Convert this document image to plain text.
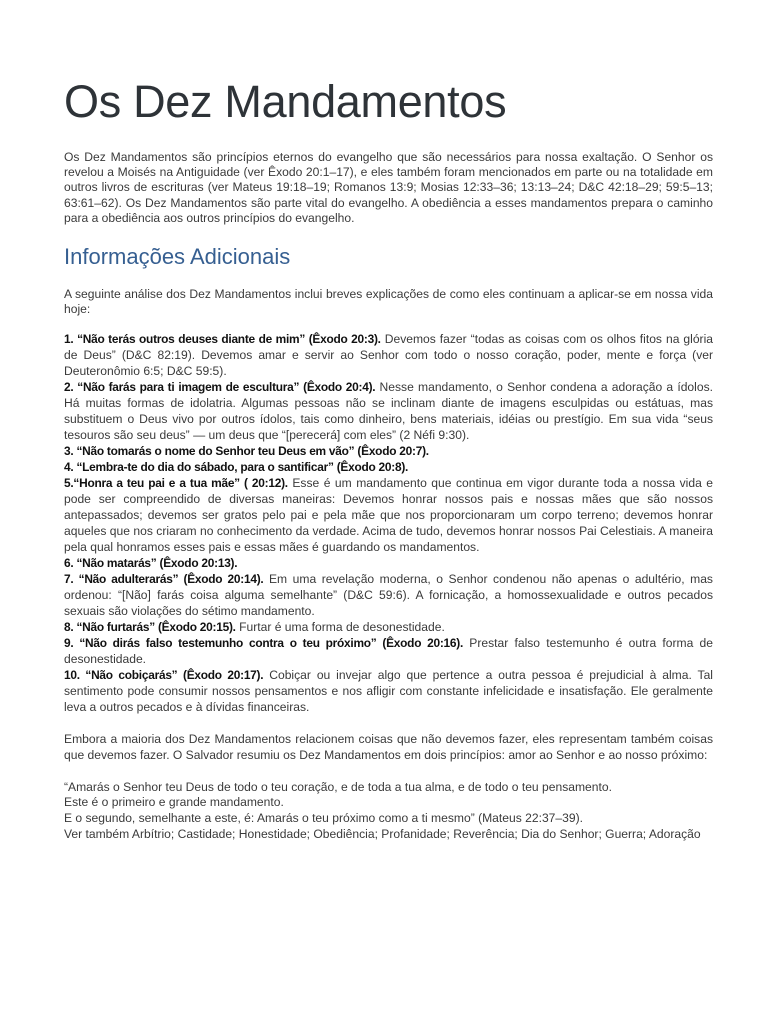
Os Dez Mandamentos

Os Dez Mandamentos são princípios eternos do evangelho que são necessários para nossa exaltação. O Senhor os revelou a Moisés na Antiguidade (ver Êxodo 20:1–17), e eles também foram mencionados em parte ou na totalidade em outros livros de escrituras (ver Mateus 19:18–19; Romanos 13:9; Mosias 12:33–36; 13:13–24; D&C 42:18–29; 59:5–13; 63:61–62). Os Dez Mandamentos são parte vital do evangelho. A obediência a esses mandamentos prepara o caminho para a obediência aos outros princípios do evangelho.

Informações Adicionais

A seguinte análise dos Dez Mandamentos inclui breves explicações de como eles continuam a aplicar-se em nossa vida hoje:

1. “Não terás outros deuses diante de mim” (Êxodo 20:3). Devemos fazer “todas as coisas com os olhos fitos na glória de Deus” (D&C 82:19). Devemos amar e servir ao Senhor com todo o nosso coração, poder, mente e força (ver Deuteronômio 6:5; D&C 59:5).

2. “Não farás para ti imagem de escultura” (Êxodo 20:4). Nesse mandamento, o Senhor condena a adoração a ídolos. Há muitas formas de idolatria. Algumas pessoas não se inclinam diante de imagens esculpidas ou estátuas, mas substituem o Deus vivo por outros ídolos, tais como dinheiro, bens materiais, idéias ou prestígio. Em sua vida “seus tesouros são seu deus” — um deus que “[perecerá] com eles” (2 Néfi 9:30).

3. “Não tomarás o nome do Senhor teu Deus em vão” (Êxodo 20:7).

4. “Lembra-te do dia do sábado, para o santificar” (Êxodo 20:8).

5.“Honra a teu pai e a tua mãe” ( 20:12). Esse é um mandamento que continua em vigor durante toda a nossa vida e pode ser compreendido de diversas maneiras: Devemos honrar nossos pais e nossas mães que são nossos antepassados; devemos ser gratos pelo pai e pela mãe que nos proporcionaram um corpo terreno; devemos honrar aqueles que nos criaram no conhecimento da verdade. Acima de tudo, devemos honrar nossos Pai Celestiais. A maneira pela qual honramos esses pais e essas mães é guardando os mandamentos.

6. “Não matarás” (Êxodo 20:13).

7. “Não adulterarás” (Êxodo 20:14). Em uma revelação moderna, o Senhor condenou não apenas o adultério, mas ordenou: “[Não] farás coisa alguma semelhante” (D&C 59:6). A fornicação, a homossexualidade e outros pecados sexuais são violações do sétimo mandamento.

8. “Não furtarás” (Êxodo 20:15). Furtar é uma forma de desonestidade.

9. “Não dirás falso testemunho contra o teu próximo” (Êxodo 20:16). Prestar falso testemunho é outra forma de desonestidade.

10. “Não cobiçarás” (Êxodo 20:17). Cobiçar ou invejar algo que pertence a outra pessoa é prejudicial à alma. Tal sentimento pode consumir nossos pensamentos e nos afligir com constante infelicidade e insatisfação. Ele geralmente leva a outros pecados e à dívidas financeiras.

Embora a maioria dos Dez Mandamentos relacionem coisas que não devemos fazer, eles representam também coisas que devemos fazer. O Salvador resumiu os Dez Mandamentos em dois princípios: amor ao Senhor e ao nosso próximo:

“Amarás o Senhor teu Deus de todo o teu coração, e de toda a tua alma, e de todo o teu pensamento.

Este é o primeiro e grande mandamento.

E o segundo, semelhante a este, é: Amarás o teu próximo como a ti mesmo” (Mateus 22:37–39).

Ver também Arbítrio; Castidade; Honestidade; Obediência; Profanidade; Reverência; Dia do Senhor; Guerra; Adoração
